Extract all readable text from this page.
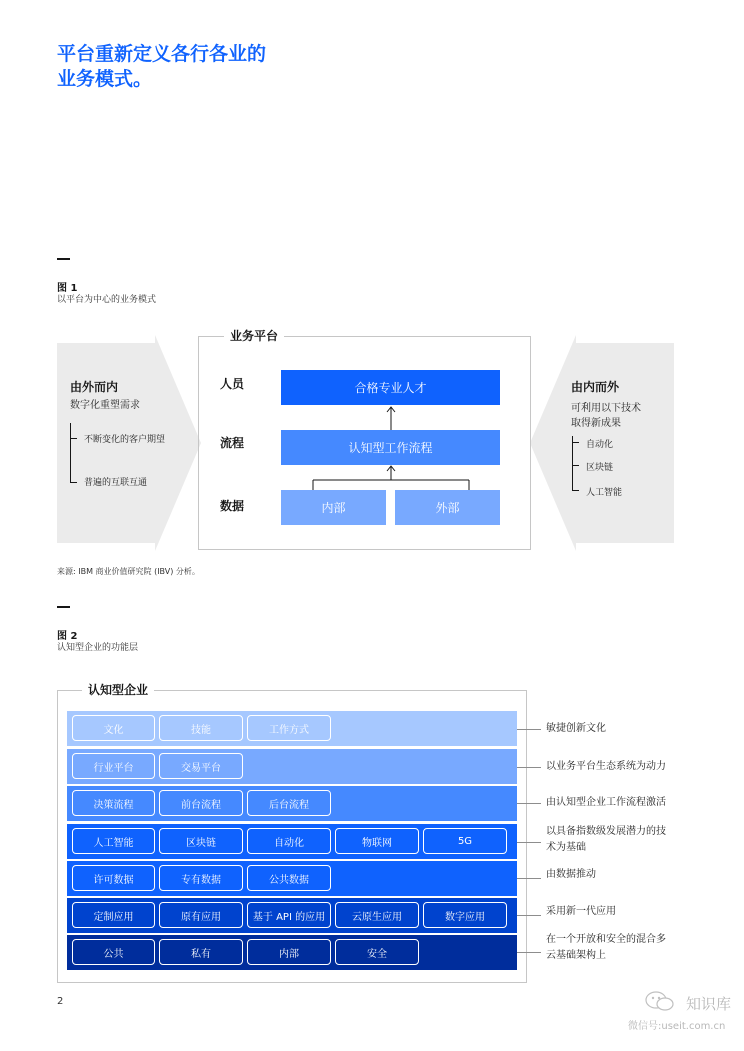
平台重新定义各行各业的
业务模式。
图 1
以平台为中心的业务模式
由外而内
数字化重塑需求
不断变化的客户期望
普遍的互联互通
由内而外
可利用以下技术
取得新成果
自动化
区块链
人工智能
业务平台
人员
流程
数据
合格专业人才
认知型工作流程
内部	外部
来源: IBM 商业价值研究院 (IBV) 分析。
图 2
认知型企业的功能层
认知型企业
文化	技能	工作方式
行业平台	交易平台
决策流程	前台流程	后台流程
人工智能	区块链	自动化	物联网	5G
许可数据	专有数据	公共数据
定制应用	原有应用	基于 API 的应用	云原生应用	数字应用
公共	私有	内部	安全
敏捷创新文化
以业务平台生态系统为动力
由认知型企业工作流程激活
以具备指数级发展潜力的技
术为基础
由数据推动
采用新一代应用
在一个开放和安全的混合多
云基础架构上
2	知识库
微信号:useit.com.cn
